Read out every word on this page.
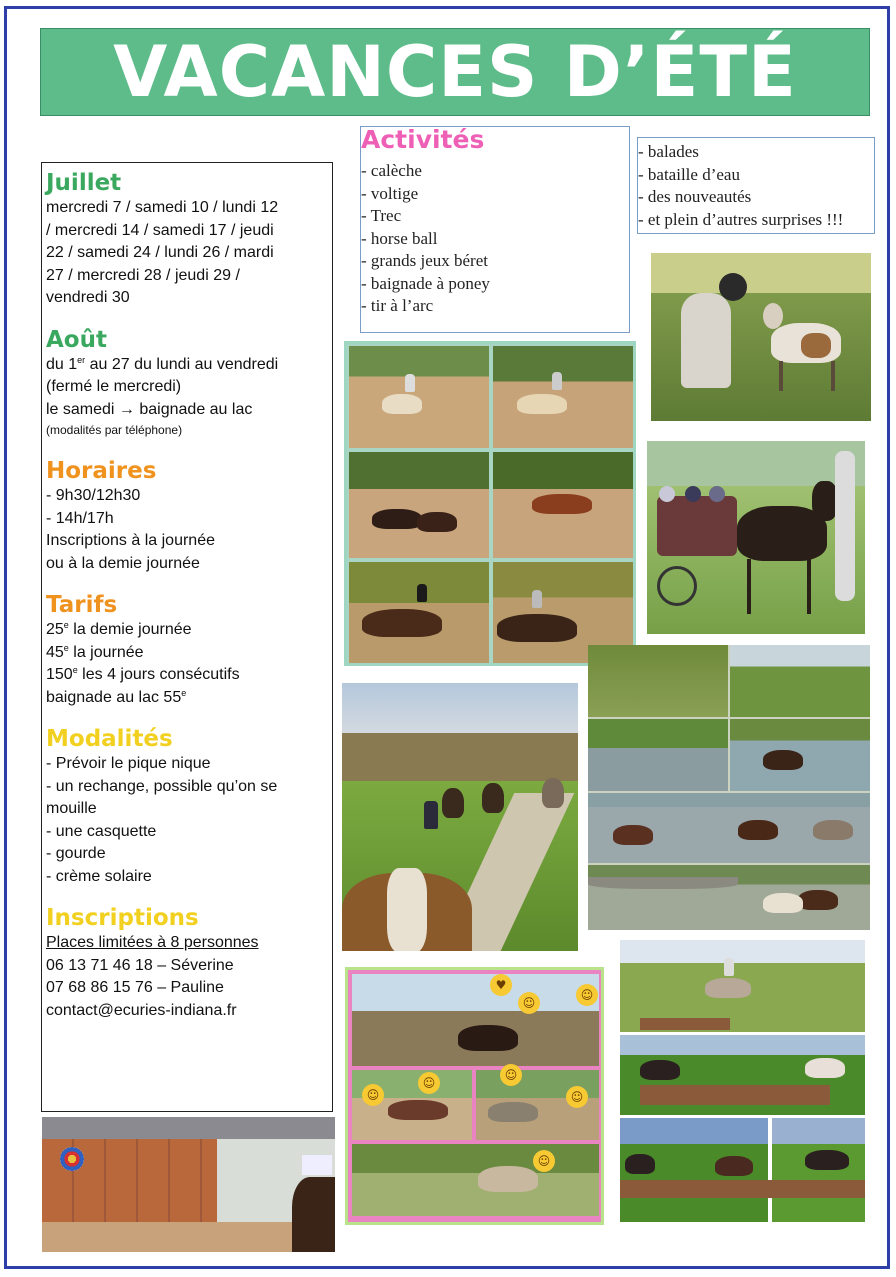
VACANCES D’ÉTÉ

Juillet

mercredi 7 / samedi 10 / lundi 12

/ mercredi 14 / samedi 17 / jeudi

22 / samedi 24 / lundi 26 / mardi

27 / mercredi 28 / jeudi 29 /

vendredi 30

Août

du 1er au 27 du lundi au vendredi

(fermé le mercredi)

le samedi → baignade au lac

(modalités par téléphone)

Horaires

- 9h30/12h30

- 14h/17h

Inscriptions à la journée

ou à la demie journée

Tarifs

25e la demie journée

45e la journée

150e les 4 jours consécutifs

baignade au lac 55e

Modalités

- Prévoir le pique nique

- un rechange, possible qu’on se

mouille

- une casquette

- gourde

- crème solaire

Inscriptions

Places limitées à 8 personnes

06 13 71 46 18 – Séverine

07 68 86 15 76 – Pauline

contact@ecuries-indiana.fr

Activités
- calèche
- voltige
- Trec
- horse ball
- grands jeux béret
- baignade à poney
- tir à l’arc
- balades
- bataille d’eau
- des nouveautés
- et plein d’autres surprises !!!
♥
☺
☺
☺
☺
☺
☺
☺
